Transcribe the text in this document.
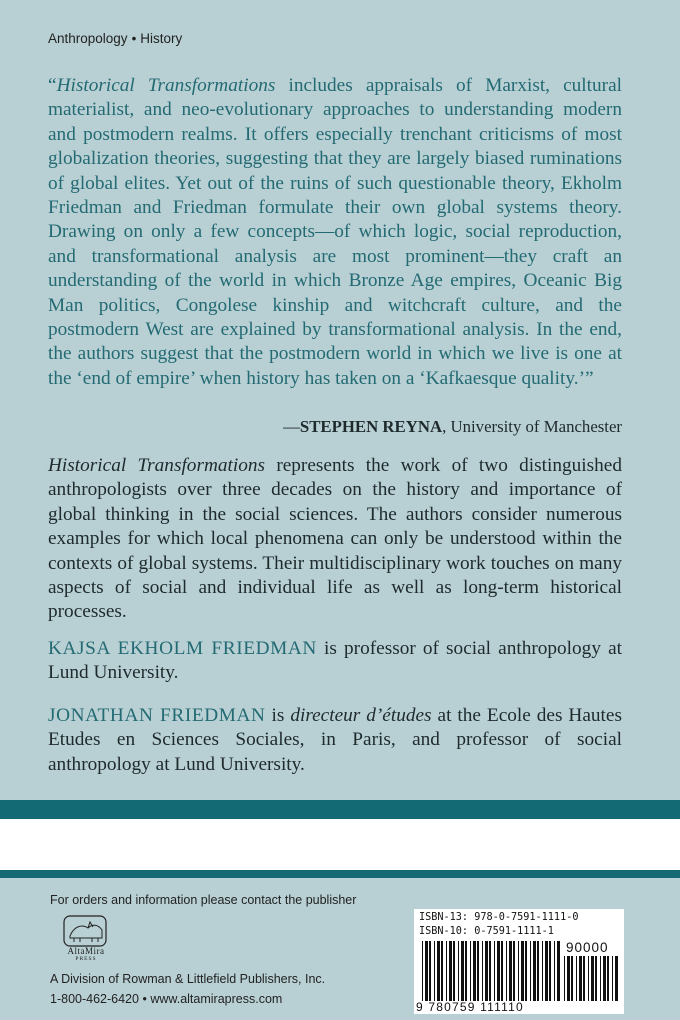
Anthropology • History

“Historical Transformations includes appraisals of Marxist, cultural materialist, and neo-evolutionary approaches to understanding modern and postmodern realms. It offers especially trenchant criticisms of most globalization theories, suggesting that they are largely biased ruminations of global elites. Yet out of the ruins of such questionable theory, Ekholm Friedman and Friedman formulate their own global systems theory. Drawing on only a few concepts—of which logic, social reproduction, and transformational analysis are most prominent—they craft an understanding of the world in which Bronze Age empires, Oceanic Big Man politics, Congolese kinship and witchcraft culture, and the postmodern West are explained by transformational analysis. In the end, the authors suggest that the postmodern world in which we live is one at the ‘end of empire’ when history has taken on a ‘Kafkaesque quality.’”

—STEPHEN REYNA, University of Manchester

Historical Transformations represents the work of two distinguished anthropologists over three decades on the history and importance of global thinking in the social sciences. The authors consider numerous examples for which local phenomena can only be understood within the contexts of global systems. Their multidisciplinary work touches on many aspects of social and individual life as well as long-term historical processes.

KAJSA EKHOLM FRIEDMAN is professor of social anthropology at Lund University.

JONATHAN FRIEDMAN is directeur d’études at the Ecole des Hautes Etudes en Sciences Sociales, in Paris, and professor of social anthropology at Lund University.

For orders and information please contact the publisher
AltaMira
PRESS
A Division of Rowman & Littlefield Publishers, Inc.
1-800-462-6420 • www.altamirapress.com
ISBN-13: 978-0-7591-1111-0
ISBN-10: 0-7591-1111-1
90000
9 780759 111110
